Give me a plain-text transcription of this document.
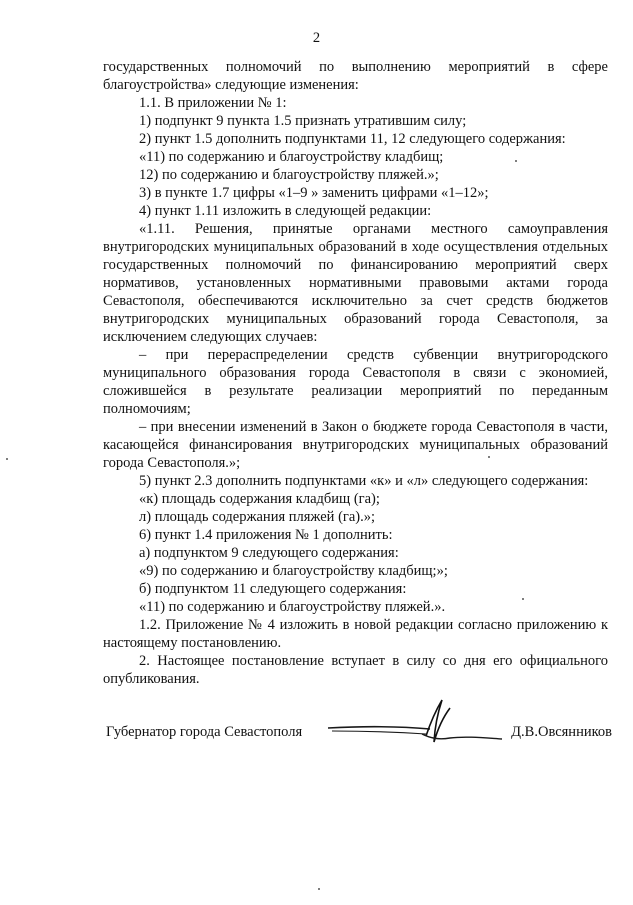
2

государственных полномочий по выполнению мероприятий в сфере благоустройства» следующие изменения:

1.1. В приложении № 1:

1) подпункт 9 пункта 1.5 признать утратившим силу;

2) пункт 1.5 дополнить подпунктами 11, 12 следующего содержания:

«11) по содержанию и благоустройству кладбищ;

12) по содержанию и благоустройству пляжей.»;

3) в пункте 1.7 цифры «1–9 » заменить цифрами «1–12»;

4) пункт 1.11 изложить в следующей редакции:

«1.11. Решения, принятые органами местного самоуправления внутригородских муниципальных образований в ходе осуществления отдельных государственных полномочий по финансированию мероприятий сверх нормативов, установленных нормативными правовыми актами города Севастополя, обеспечиваются исключительно за счет средств бюджетов внутригородских муниципальных образований города Севастополя, за исключением следующих случаев:

– при перераспределении средств субвенции внутригородского муниципального образования города Севастополя в связи с экономией, сложившейся в результате реализации мероприятий по переданным полномочиям;

– при внесении изменений в Закон о бюджете города Севастополя в части, касающейся финансирования внутригородских муниципальных образований города Севастополя.»;

5) пункт 2.3 дополнить подпунктами «к» и «л» следующего содержания:

«к) площадь содержания кладбищ (га);

л) площадь содержания пляжей (га).»;

6) пункт 1.4 приложения № 1 дополнить:

а) подпунктом 9 следующего содержания:

«9) по содержанию и благоустройству кладбищ;»;

б) подпунктом 11 следующего содержания:

«11) по содержанию и благоустройству пляжей.».

1.2. Приложение № 4 изложить в новой редакции согласно приложению к настоящему постановлению.

2. Настоящее постановление вступает в силу со дня его официального опубликования.

Губернатор города Севастополя	Д.В.Овсянников
